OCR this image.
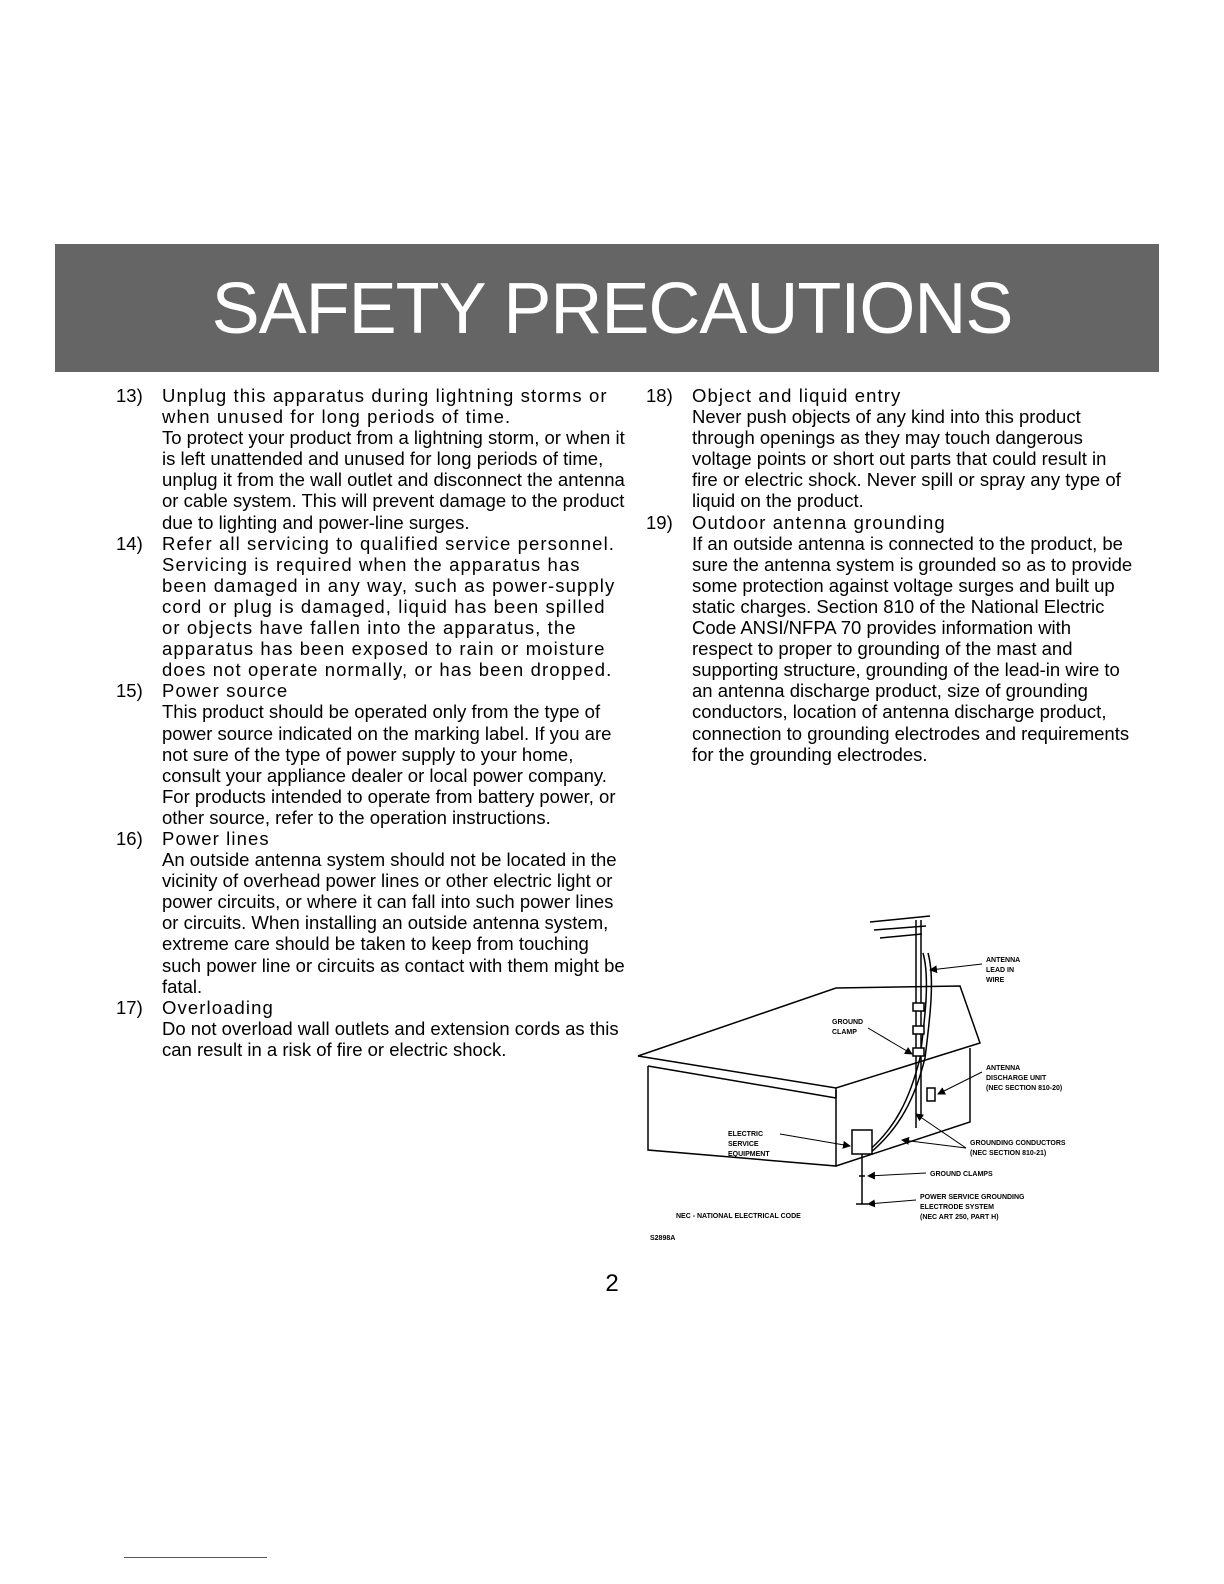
SAFETY PRECAUTIONS
13) Unplug this apparatus during lightning storms or when unused for long periods of time.
To protect your product from a lightning storm, or when it is left unattended and unused for long periods of time, unplug it from the wall outlet and disconnect the antenna or cable system. This will prevent damage to the product due to lighting and power-line surges.
14) Refer all servicing to qualified service personnel. Servicing is required when the apparatus has been damaged in any way, such as power-supply cord or plug is damaged, liquid has been spilled or objects have fallen into the apparatus, the apparatus has been exposed to rain or moisture does not operate normally, or has been dropped.
15) Power source
This product should be operated only from the type of power source indicated on the marking label. If you are not sure of the type of power supply to your home, consult your appliance dealer or local power company. For products intended to operate from battery power, or other source, refer to the operation instructions.
16) Power lines
An outside antenna system should not be located in the vicinity of overhead power lines or other electric light or power circuits, or where it can fall into such power lines or circuits. When installing an outside antenna system, extreme care should be taken to keep from touching such power line or circuits as contact with them might be fatal.
17) Overloading
Do not overload wall outlets and extension cords as this can result in a risk of fire or electric shock.
18) Object and liquid entry
Never push objects of any kind into this product through openings as they may touch dangerous voltage points or short out parts that could result in fire or electric shock. Never spill or spray any type of liquid on the product.
19) Outdoor antenna grounding
If an outside antenna is connected to the product, be sure the antenna system is grounded so as to provide some protection against voltage surges and built up static charges. Section 810 of the National Electric Code ANSI/NFPA 70 provides information with respect to proper to grounding of the mast and supporting structure, grounding of the lead-in wire to an antenna discharge product, size of grounding conductors, location of antenna discharge product, connection to grounding electrodes and requirements for the grounding electrodes.
ANTENNA LEAD IN WIRE
GROUND CLAMP
ANTENNA DISCHARGE UNIT (NEC SECTION 810-20)
ELECTRIC SERVICE EQUIPMENT
GROUNDING CONDUCTORS (NEC SECTION 810-21)
GROUND CLAMPS
POWER SERVICE GROUNDING ELECTRODE SYSTEM (NEC ART 250, PART H)
NEC - NATIONAL ELECTRICAL CODE
S2898A
2
